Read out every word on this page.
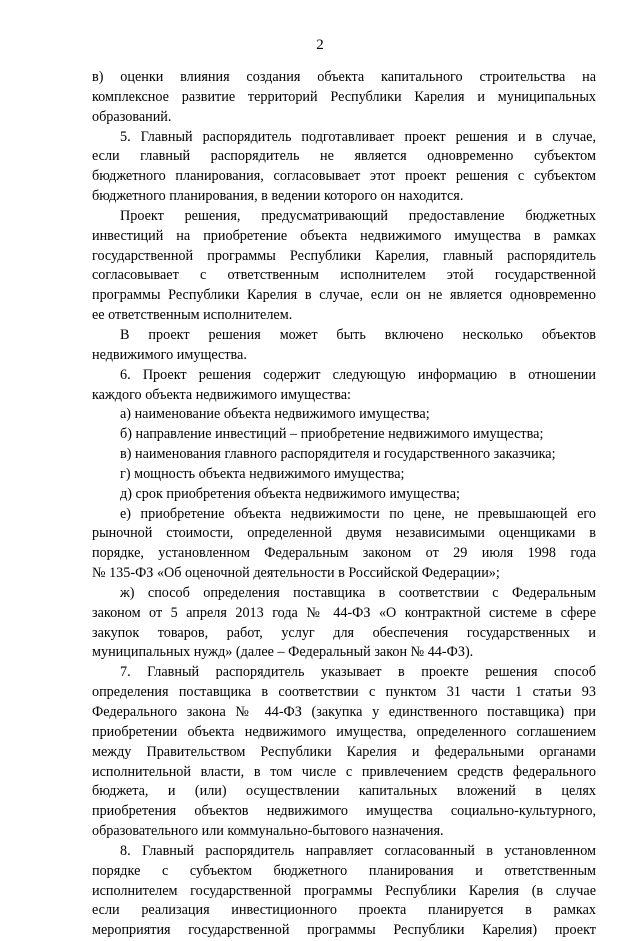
2
в) оценки влияния создания объекта капитального строительства на
комплексное развитие территорий Республики Карелия и муниципальных
образований.
5. Главный распорядитель подготавливает проект решения и в случае,
если главный распорядитель не является одновременно субъектом
бюджетного планирования, согласовывает этот проект решения с субъектом
бюджетного планирования, в ведении которого он находится.
Проект решения, предусматривающий предоставление бюджетных
инвестиций на приобретение объекта недвижимого имущества в рамках
государственной программы Республики Карелия, главный распорядитель
согласовывает с ответственным исполнителем этой государственной
программы Республики Карелия в случае, если он не является одновременно
ее ответственным исполнителем.
В проект решения может быть включено несколько объектов
недвижимого имущества.
6. Проект решения содержит следующую информацию в отношении
каждого объекта недвижимого имущества:
а) наименование объекта недвижимого имущества;
б) направление инвестиций – приобретение недвижимого имущества;
в) наименования главного распорядителя и государственного заказчика;
г) мощность объекта недвижимого имущества;
д) срок приобретения объекта недвижимого имущества;
е) приобретение объекта недвижимости по цене, не превышающей его
рыночной стоимости, определенной двумя независимыми оценщиками в
порядке, установленном Федеральным законом от 29 июля 1998 года
№ 135-ФЗ «Об оценочной деятельности в Российской Федерации»;
ж) способ определения поставщика в соответствии с Федеральным
законом от 5 апреля 2013 года № 44-ФЗ «О контрактной системе в сфере
закупок товаров, работ, услуг для обеспечения государственных и
муниципальных нужд» (далее – Федеральный закон № 44-ФЗ).
7. Главный распорядитель указывает в проекте решения способ
определения поставщика в соответствии с пунктом 31 части 1 статьи 93
Федерального закона № 44-ФЗ (закупка у единственного поставщика) при
приобретении объекта недвижимого имущества, определенного соглашением
между Правительством Республики Карелия и федеральными органами
исполнительной власти, в том числе с привлечением средств федерального
бюджета, и (или) осуществлении капитальных вложений в целях
приобретения объектов недвижимого имущества социально-культурного,
образовательного или коммунально-бытового назначения.
8. Главный распорядитель направляет согласованный в установленном
порядке с субъектом бюджетного планирования и ответственным
исполнителем государственной программы Республики Карелия (в случае
если реализация инвестиционного проекта планируется в рамках
мероприятия государственной программы Республики Карелия) проект
